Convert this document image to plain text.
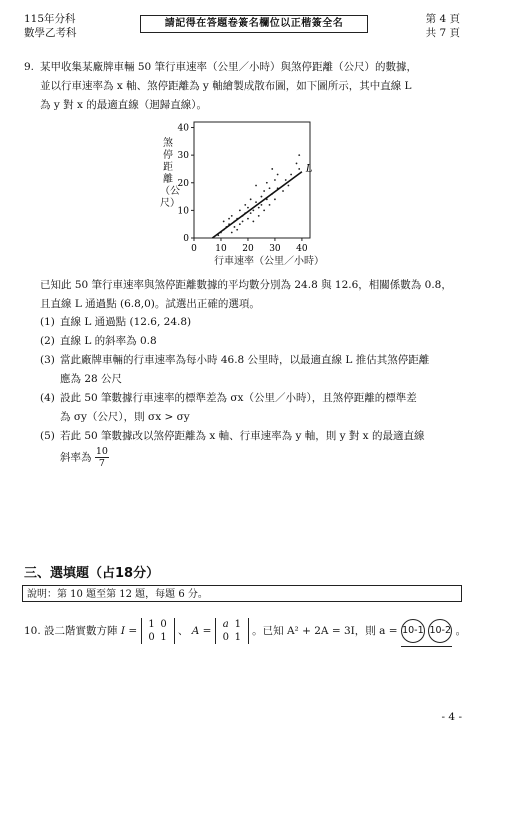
115年分科
數學乙考科
請記得在答題卷簽名欄位以正楷簽全名	第 4 頁
共 7 頁
9. 某甲收集某廠牌車輛 50 筆行車速率（公里／小時）與煞停距離（公尺）的數據，
並以行車速率為 x 軸、煞停距離為 y 軸繪製成散布圖，如下圖所示，其中直線 L
為 y 對 x 的最適直線（迴歸直線）。
0 10 20 30 40
0
10
20
30
40
L
煞停距離（公尺）
行車速率（公里／小時）
已知此 50 筆行車速率與煞停距離數據的平均數分別為 24.8 與 12.6，相關係數為 0.8，
且直線 L 通過點 (6.8,0)。試選出正確的選項。
(1) 直線 L 通過點 (12.6, 24.8)
(2) 直線 L 的斜率為 0.8
(3) 當此廠牌車輛的行車速率為每小時 46.8 公里時，以最適直線 L 推估其煞停距離
應為 28 公尺
(4) 設此 50 筆數據行車速率的標準差為 σx（公里／小時），且煞停距離的標準差
為 σy（公尺），則 σx > σy
(5) 若此 50 筆數據改以煞停距離為 x 軸、行車速率為 y 軸，則 y 對 x 的最適直線
斜率為 $\frac{10}{7}$
三、選填題（占18分）
說明：第 10 題至第 12 題，每題 6 分。
10. 設二階實數方陣 I =
1 0
0 1
、 A =
a 1
0 1
。已知 A² + 2A = 3I，則 a = 10-1 10-2 。
- 4 -
